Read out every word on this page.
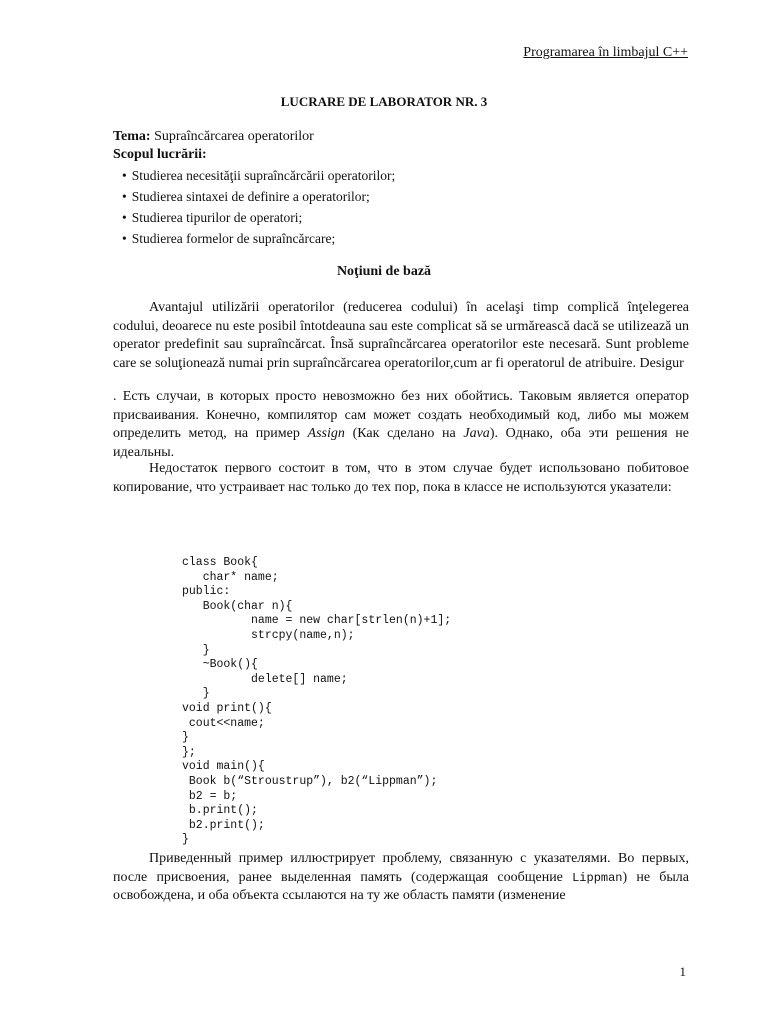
Programarea în limbajul C++
LUCRARE DE LABORATOR NR. 3
Tema: Supraîncărcarea operatorilor
Scopul lucrării:
• Studierea necesităţii supraîncărcării operatorilor;
• Studierea sintaxei de definire a operatorilor;
• Studierea tipurilor de operatori;
• Studierea formelor de supraîncărcare;
Noţiuni de bază

Avantajul utilizării operatorilor (reducerea codului) în acelaşi timp complică înţelegerea codului, deoarece nu este posibil întotdeauna sau este complicat să se urmărească dacă se utilizează un operator predefinit sau supraîncărcat. Însă supraîncărcarea operatorilor este necesară. Sunt probleme care se soluţionează numai prin supraîncărcarea operatorilor,cum ar fi operatorul de atribuire. Desigur

. Есть случаи, в которых просто невозможно без них обойтись. Таковым является оператор присваивания. Конечно, компилятор сам может создать необходимый код, либо мы можем определить метод, на пример Assign (Как сделано на Java). Однако, оба эти решения не идеальны.

Недостаток первого состоит в том, что в этом случае будет использовано побитовое копирование, что устраивает нас только до тех пор, пока в классе не используются указатели:

class Book{
char* name;
public:
Book(char n){
name = new char[strlen(n)+1];
strcpy(name,n);
}
~Book(){
delete[] name;
}
void print(){
cout<<name;
}
};
void main(){
Book b(“Stroustrup”), b2(“Lippman”);
b2 = b;
b.print();
b2.print();
}

Приведенный пример иллюстрирует проблему, связанную с указателями. Во первых, после присвоения, ранее выделенная память (содержащая сообщение Lippman) не была освобождена, и оба объекта ссылаются на ту же область памяти (изменение

1
